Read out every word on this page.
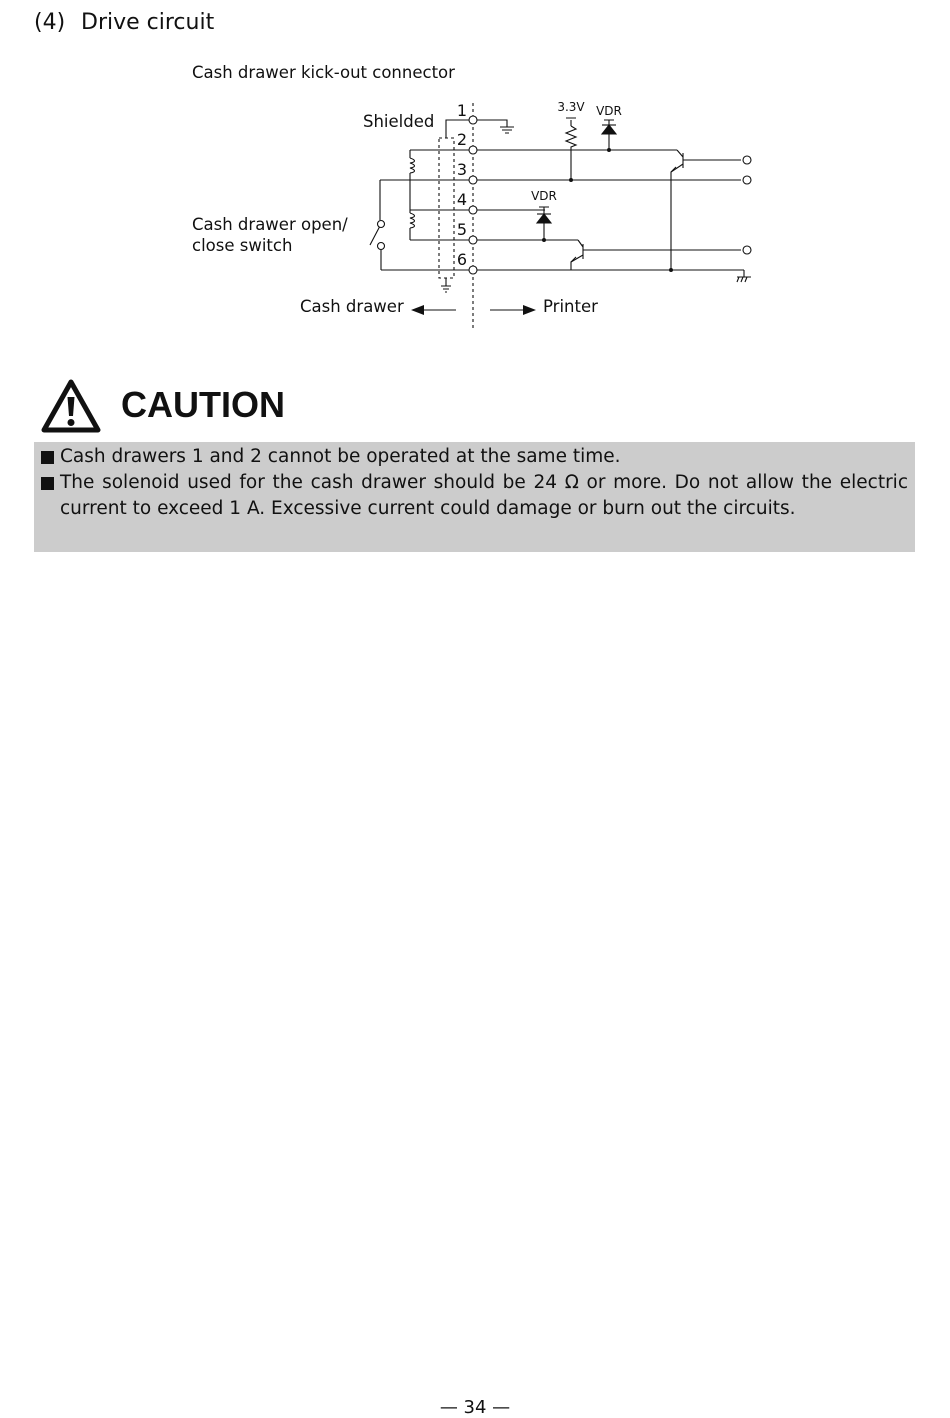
(4) Drive circuit
Cash drawer kick-out connector
1
2
3
4
5
6
3.3V VDR
VDR
Shielded
Cash drawer open/
close switch
Cash drawer	Printer
CAUTION
Cash drawers 1 and 2 cannot be operated at the same time.
The solenoid used for the cash drawer should be 24 Ω or more. Do not allow the electric current to exceed 1 A. Excessive current could damage or burn out the circuits.
— 34 —
